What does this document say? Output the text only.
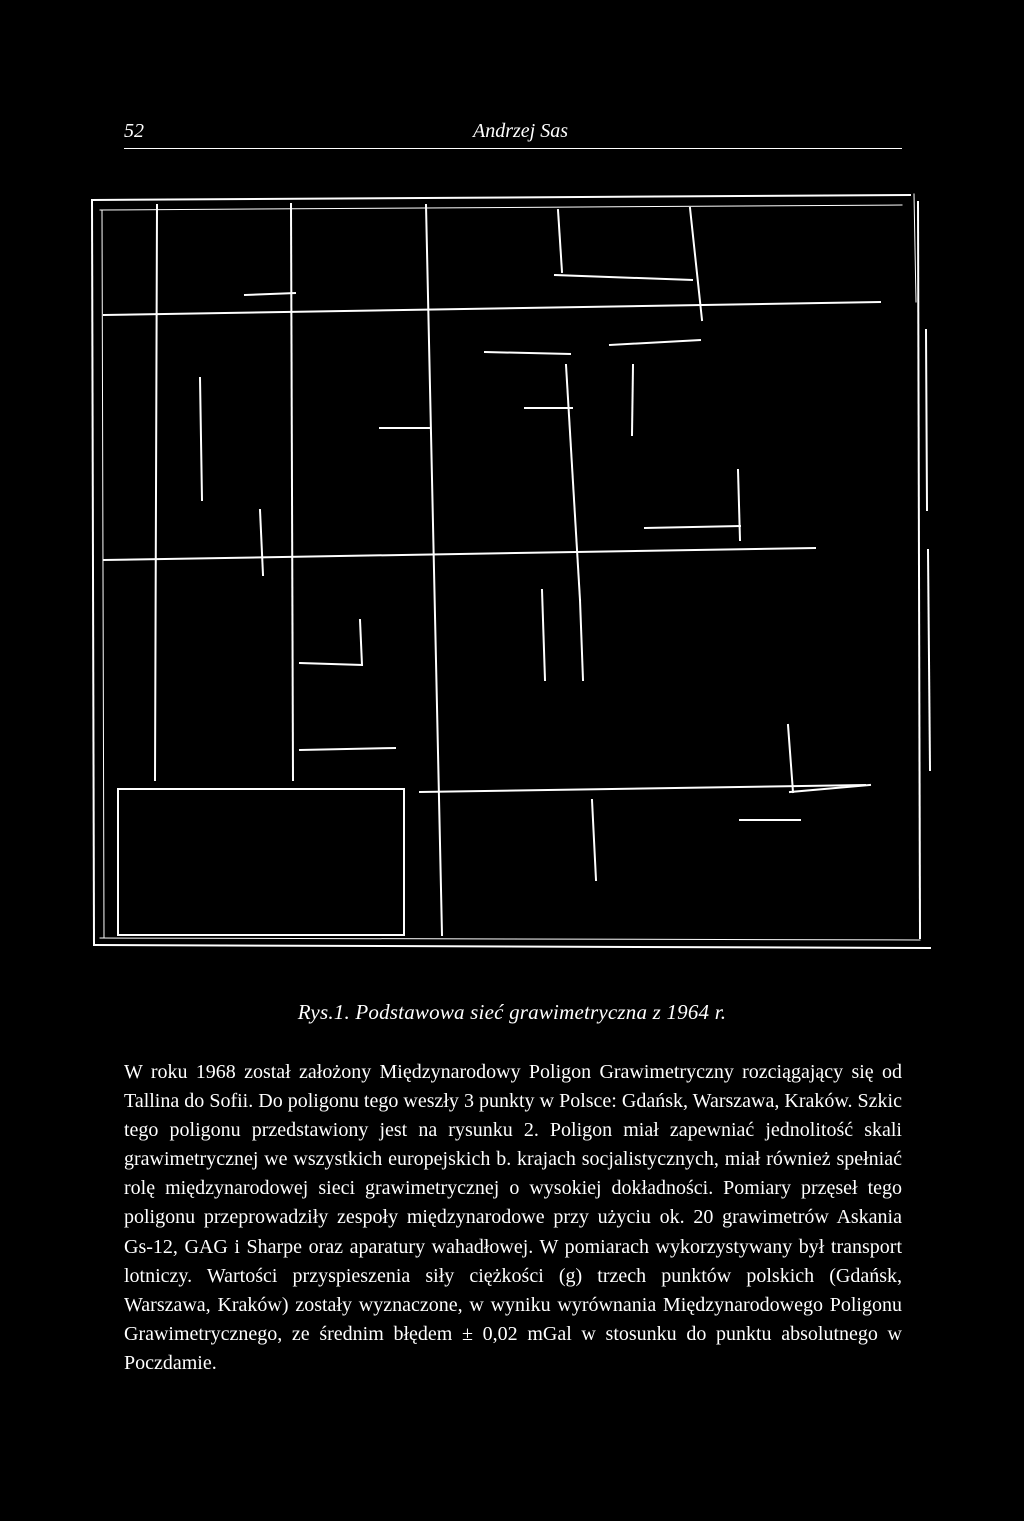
52	Andrzej Sas
Rys.1. Podstawowa sieć grawimetryczna z 1964 r.

W roku 1968 został założony Międzynarodowy Poligon Grawimetryczny rozciągający się od Tallina do Sofii. Do poligonu tego weszły 3 punkty w Polsce: Gdańsk, Warszawa, Kraków. Szkic tego poligonu przedstawiony jest na rysunku 2. Poligon miał zapewniać jednolitość skali grawimetrycznej we wszystkich europejskich b. krajach socjalistycznych, miał również spełniać rolę międzynarodowej sieci grawimetrycznej o wysokiej dokładności. Pomiary przęseł tego poligonu przeprowadziły zespoły międzynarodowe przy użyciu ok. 20 grawimetrów Askania Gs-12, GAG i Sharpe oraz aparatury wahadłowej. W pomiarach wykorzystywany był transport lotniczy. Wartości przyspieszenia siły ciężkości (g) trzech punktów polskich (Gdańsk, Warszawa, Kraków) zostały wyznaczone, w wyniku wyrównania Międzynarodowego Poligonu Grawimetrycznego, ze średnim błędem ± 0,02 mGal w stosunku do punktu absolutnego w Poczdamie.
